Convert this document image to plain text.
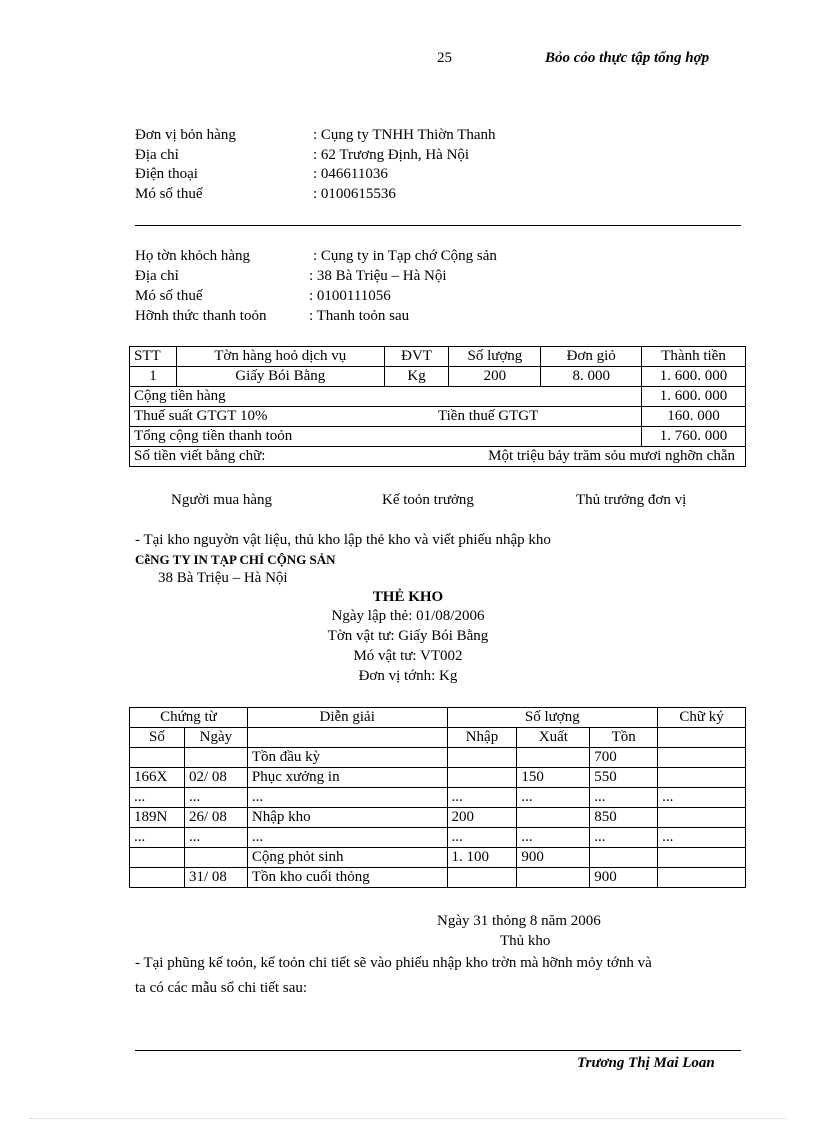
25	Bỏo cỏo thực tập tổng hợp
Đơn vị bỏn hàng	: Cụng ty TNHH Thiờn Thanh
Địa chỉ	: 62 Trương Định, Hà Nội
Điện thoại	: 046611036
Mó số thuế	: 0100615536
Họ tờn khỏch hàng	: Cụng ty in Tạp chớ Cộng sản
Địa chỉ	: 38 Bà Triệu – Hà Nội
Mó số thuế	: 0100111056
Hỡnh thức thanh toỏn	: Thanh toỏn sau
STT	Tờn hàng hoỏ dịch vụ	ĐVT	Số lượng	Đơn giỏ	Thành tiền
1	Giấy Bói Bằng	Kg	200	8. 000	1. 600. 000
Cộng tiền hàng					1. 600. 000
Thuế suất GTGT 10% Tiền thuế GTGT					160. 000
Tổng cộng tiền thanh toỏn					1. 760. 000
Số tiền viết bằng chữ: Một triệu bảy trăm sỏu mươi nghỡn chẵn					
Người mua hàng	Kế toỏn trưởng	Thủ trưởng đơn vị
- Tại kho nguyờn vật liệu, thủ kho lập thẻ kho và viết phiếu nhập kho
CễNG TY IN TẠP CHÍ CỘNG SẢN
38 Bà Triệu – Hà Nội
THẺ KHO
Ngày lập thẻ: 01/08/2006
Tờn vật tư: Giấy Bói Bằng
Mó vật tư: VT002
Đơn vị tớnh: Kg
Chứng từ		Diễn giải	Số lượng			Chữ ký
Số	Ngày		Nhập	Xuất	Tồn	
		Tồn đầu kỳ			700	
166X	02/ 08	Phục xưởng in		150	550	
...	...	...	...	...	...	...
189N	26/ 08	Nhập kho	200		850	
...	...	...	...	...	...	...
		Cộng phỏt sinh	1. 100	900		
	31/ 08	Tồn kho cuối thỏng			900	
Ngày 31 thỏng 8 năm 2006
Thủ kho
- Tại phũng kế toỏn, kế toỏn chi tiết sẽ vào phiếu nhập kho trờn mà hỡnh mỏy tớnh và
ta có các mẫu sổ chi tiết sau:
Trương Thị Mai Loan
